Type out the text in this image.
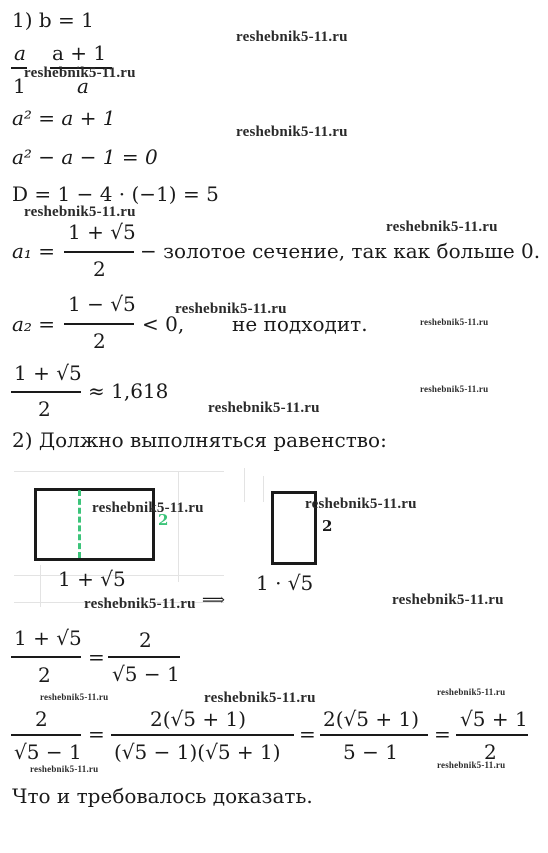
1) b = 1
a
1
a + 1
a
a² = a + 1
a² − a − 1 = 0
D = 1 − 4 · (−1) = 5
a₁ =
1 + √5
2
− золотое сечение, так как больше 0.
a₂ =
1 − √5
2
< 0, не подходит.
1 + √5
2
≈ 1,618
2) Должно выполняться равенство:
2
1 + √5
2
1 · √5
⟹
1 + √5
2
=
2
√5 − 1
2
√5 − 1
=
2(√5 + 1)
(√5 − 1)(√5 + 1)
=
2(√5 + 1)
5 − 1
=
√5 + 1
2
Что и требовалось доказать.
reshebnik5-11.ru
reshebnik5-11.ru
reshebnik5-11.ru
reshebnik5-11.ru
reshebnik5-11.ru
reshebnik5-11.ru
reshebnik5-11.ru
reshebnik5-11.ru
reshebnik5-11.ru
reshebnik5-11.ru	reshebnik5-11.ru
reshebnik5-11.ru	reshebnik5-11.ru
reshebnik5-11.ru	reshebnik5-11.ru	reshebnik5-11.ru
reshebnik5-11.ru	reshebnik5-11.ru
